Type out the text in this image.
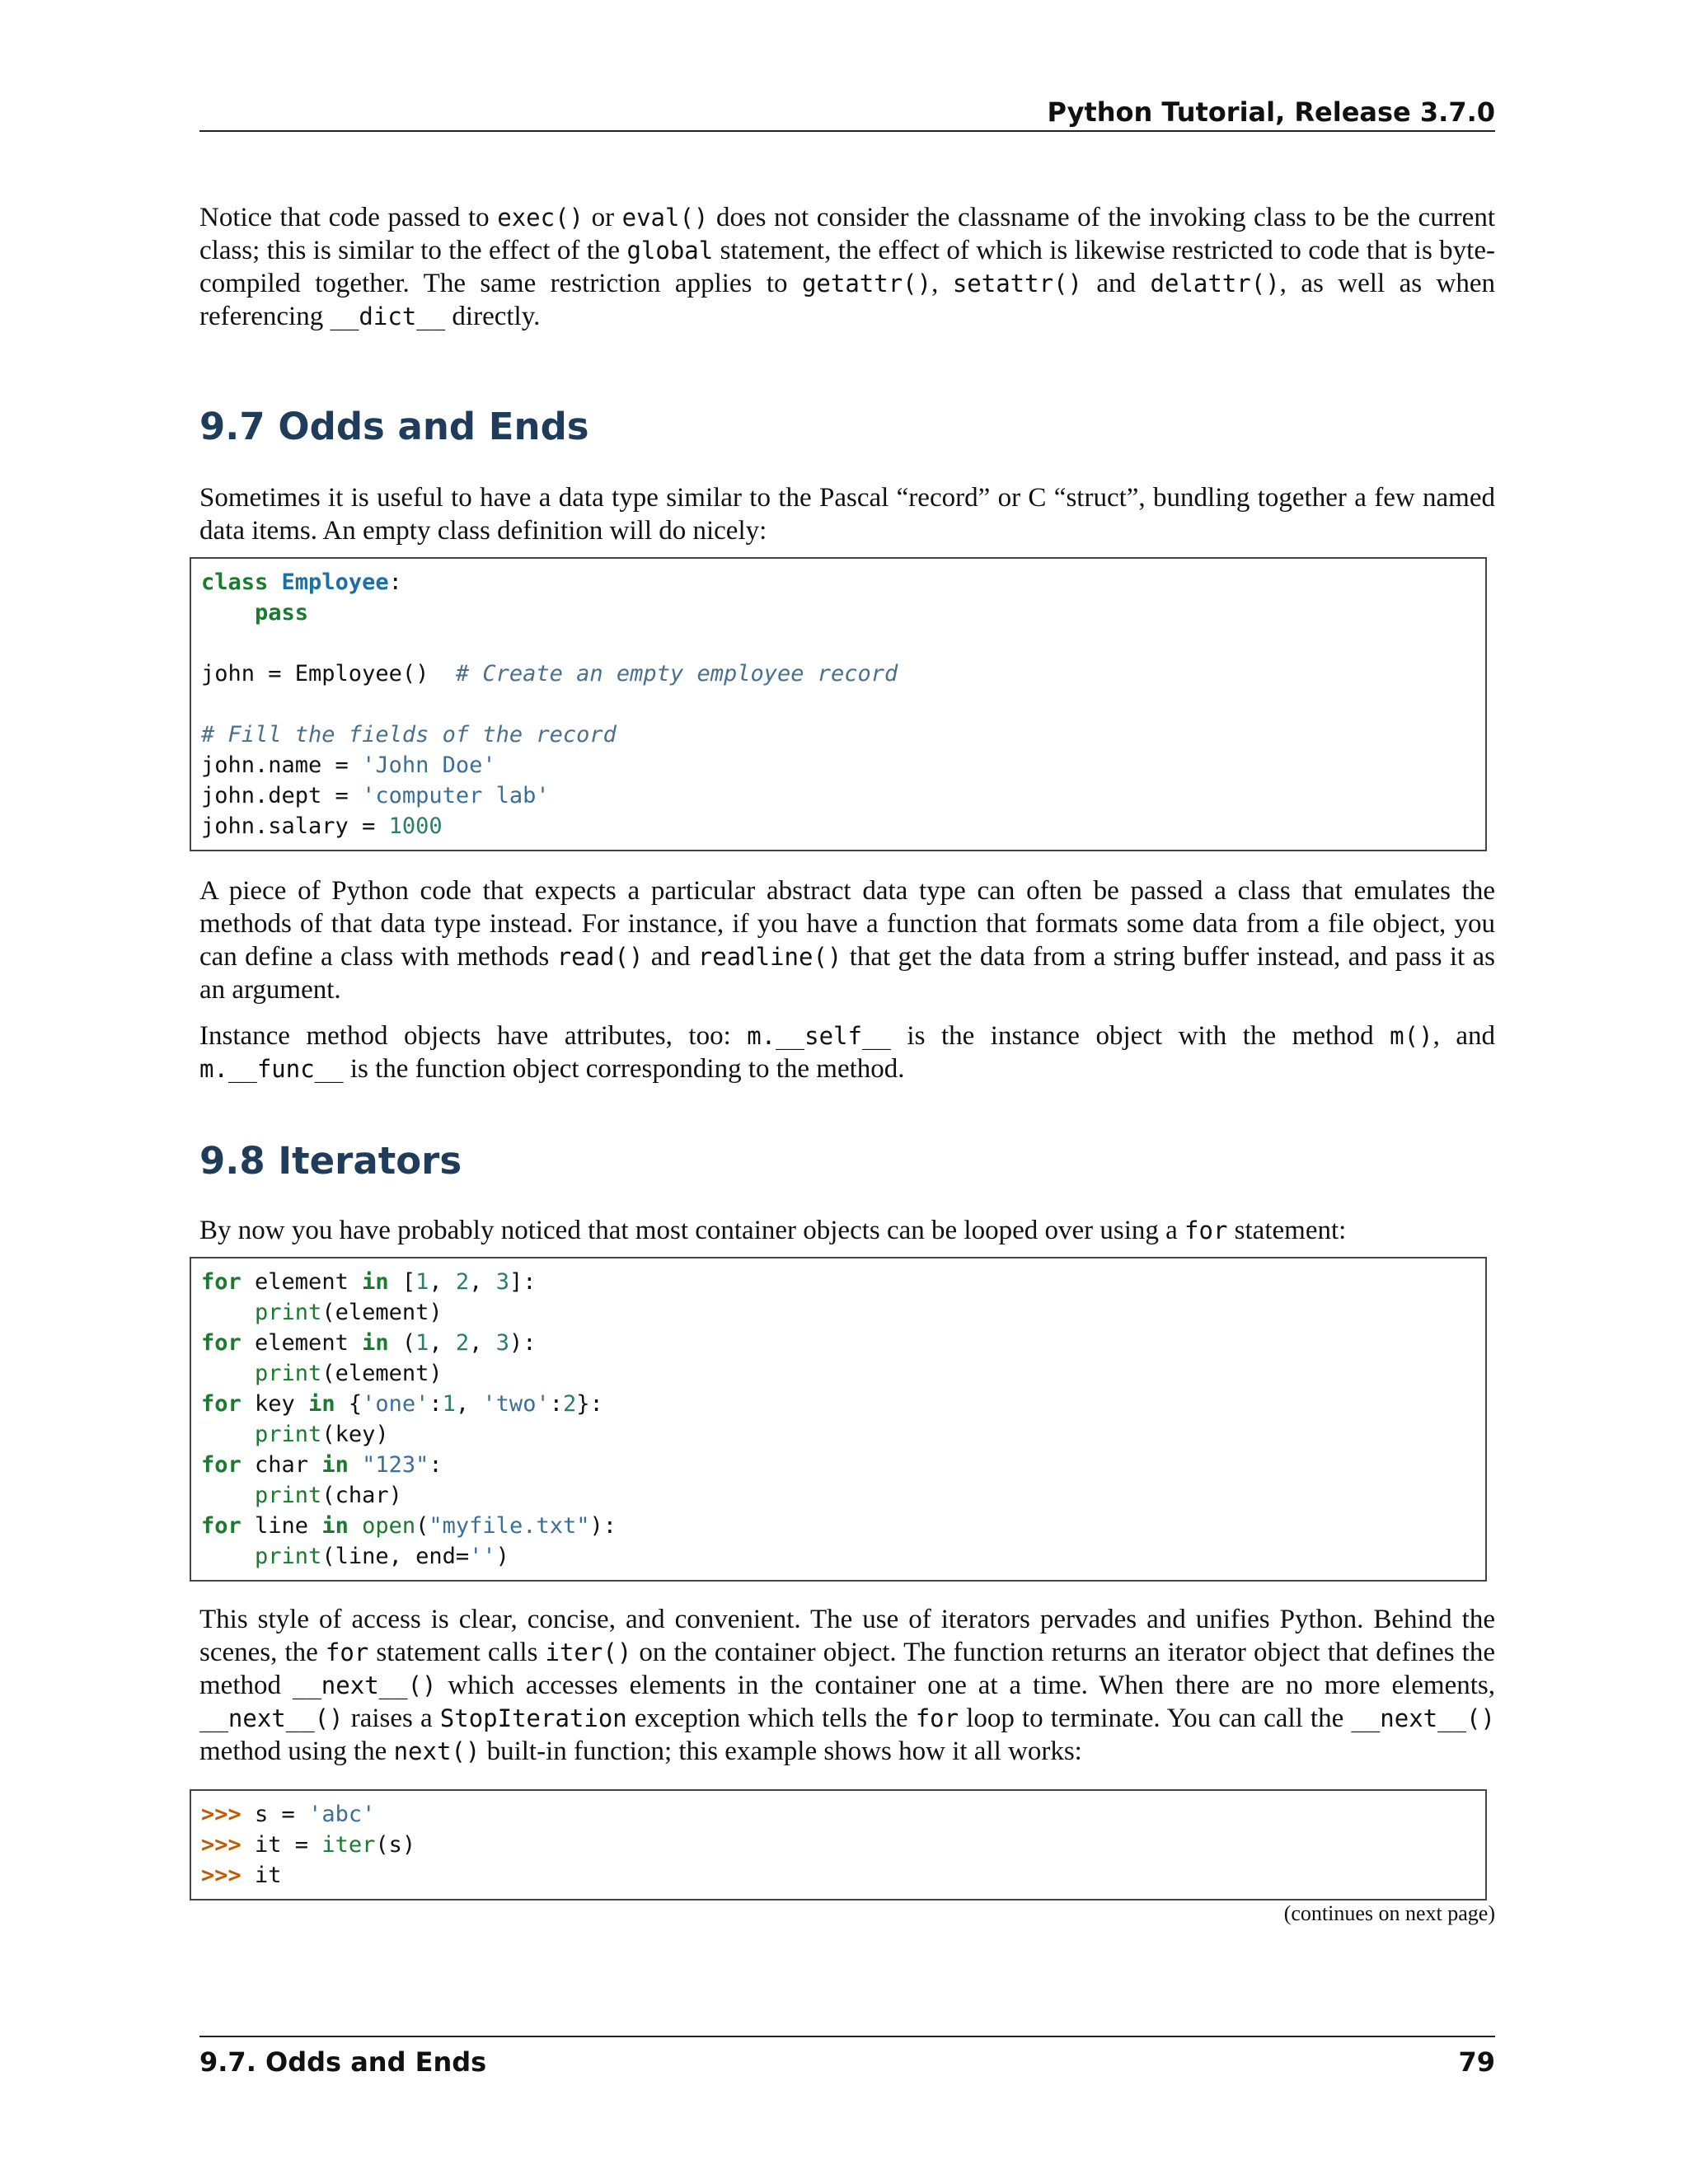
Python Tutorial, Release 3.7.0

Notice that code passed to exec() or eval() does not consider the classname of the invoking class to be the current class; this is similar to the effect of the global statement, the effect of which is likewise restricted to code that is byte-compiled together. The same restriction applies to getattr(), setattr() and delattr(), as well as when referencing __dict__ directly.

9.7 Odds and Ends

Sometimes it is useful to have a data type similar to the Pascal “record” or C “struct”, bundling together a few named data items. An empty class definition will do nicely:

class Employee:
pass
john = Employee()  # Create an empty employee record
# Fill the fields of the record
john.name = 'John Doe'
john.dept = 'computer lab'
john.salary = 1000

A piece of Python code that expects a particular abstract data type can often be passed a class that emulates the methods of that data type instead. For instance, if you have a function that formats some data from a file object, you can define a class with methods read() and readline() that get the data from a string buffer instead, and pass it as an argument.

Instance method objects have attributes, too: m.__self__ is the instance object with the method m(), and m.__func__ is the function object corresponding to the method.

9.8 Iterators

By now you have probably noticed that most container objects can be looped over using a for statement:

for element in [1, 2, 3]:
print(element)
for element in (1, 2, 3):
print(element)
for key in {'one':1, 'two':2}:
print(key)
for char in "123":
print(char)
for line in open("myfile.txt"):
print(line, end='')

This style of access is clear, concise, and convenient. The use of iterators pervades and unifies Python. Behind the scenes, the for statement calls iter() on the container object. The function returns an iterator object that defines the method __next__() which accesses elements in the container one at a time. When there are no more elements, __next__() raises a StopIteration exception which tells the for loop to terminate. You can call the __next__() method using the next() built-in function; this example shows how it all works:

>>> s = 'abc'
>>> it = iter(s)
>>> it
(continues on next page)
9.7. Odds and Ends	79
